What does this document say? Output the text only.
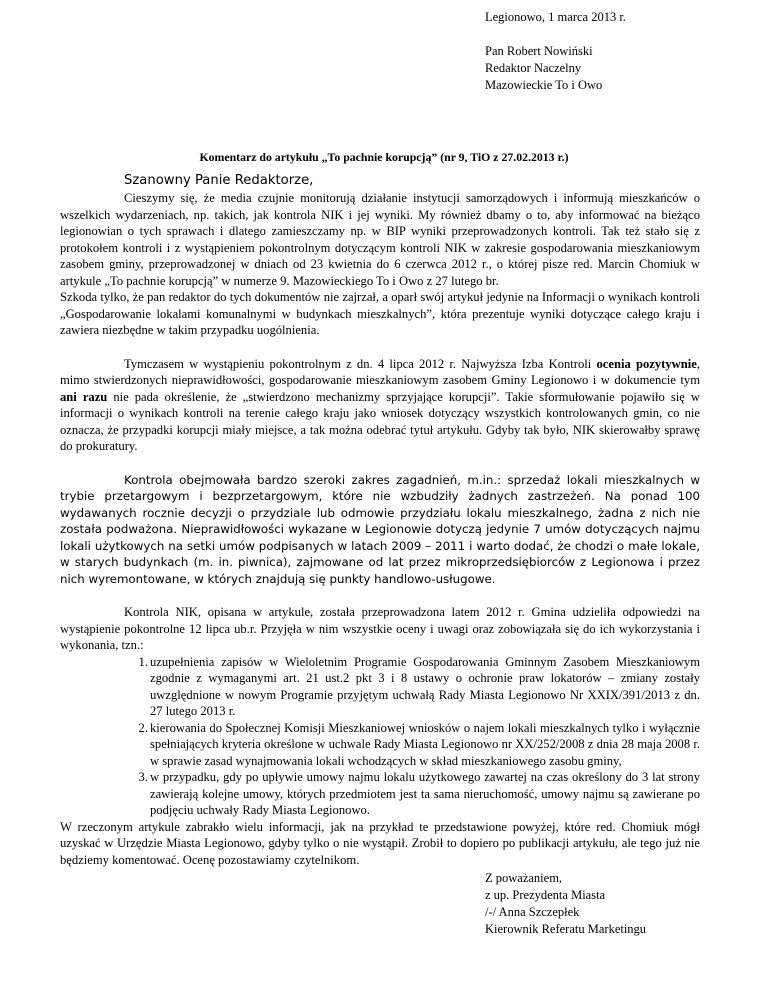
Legionowo, 1 marca 2013 r.
Pan Robert Nowiński
Redaktor Naczelny
Mazowieckie To i Owo
Komentarz do artykułu „To pachnie korupcją” (nr 9, TiO z 27.02.2013 r.)

Szanowny Panie Redaktorze,

Cieszymy się, że media czujnie monitorują działanie instytucji samorządowych i informują mieszkańców o wszelkich wydarzeniach, np. takich, jak kontrola NIK i jej wyniki. My również dbamy o to, aby informować na bieżąco legionowian o tych sprawach i dlatego zamieszczamy np. w BIP wyniki przeprowadzonych kontroli. Tak też stało się z protokołem kontroli i z wystąpieniem pokontrolnym dotyczącym kontroli NIK w zakresie gospodarowania mieszkaniowym zasobem gminy, przeprowadzonej w dniach od 23 kwietnia do 6 czerwca 2012 r., o której pisze red. Marcin Chomiuk w artykule „To pachnie korupcją” w numerze 9. Mazowieckiego To i Owo z 27 lutego br.

Szkoda tylko, że pan redaktor do tych dokumentów nie zajrzał, a oparł swój artykuł jedynie na Informacji o wynikach kontroli „Gospodarowanie lokalami komunalnymi w budynkach mieszkalnych”, która prezentuje wyniki dotyczące całego kraju i zawiera niezbędne w takim przypadku uogólnienia.

Tymczasem w wystąpieniu pokontrolnym z dn. 4 lipca 2012 r. Najwyższa Izba Kontroli ocenia pozytywnie, mimo stwierdzonych nieprawidłowości, gospodarowanie mieszkaniowym zasobem Gminy Legionowo i w dokumencie tym ani razu nie pada określenie, że „stwierdzono mechanizmy sprzyjające korupcji”. Takie sformułowanie pojawiło się w informacji o wynikach kontroli na terenie całego kraju jako wniosek dotyczący wszystkich kontrolowanych gmin, co nie oznacza, że przypadki korupcji miały miejsce, a tak można odebrać tytuł artykułu. Gdyby tak było, NIK skierowałby sprawę do prokuratury.

Kontrola obejmowała bardzo szeroki zakres zagadnień, m.in.: sprzedaż lokali mieszkalnych w trybie przetargowym i bezprzetargowym, które nie wzbudziły żadnych zastrzeżeń. Na ponad 100 wydawanych rocznie decyzji o przydziale lub odmowie przydziału lokalu mieszkalnego, żadna z nich nie została podważona. Nieprawidłowości wykazane w Legionowie dotyczą jedynie 7 umów dotyczących najmu lokali użytkowych na setki umów podpisanych w latach 2009 – 2011 i warto dodać, że chodzi o małe lokale, w starych budynkach (m. in. piwnica), zajmowane od lat przez mikroprzedsiębiorców z Legionowa i przez nich wyremontowane, w których znajdują się punkty handlowo-usługowe.

Kontrola NIK, opisana w artykule, została przeprowadzona latem 2012 r. Gmina udzieliła odpowiedzi na wystąpienie pokontrolne 12 lipca ub.r. Przyjęła w nim wszystkie oceny i uwagi oraz zobowiązała się do ich wykorzystania i wykonania, tzn.:

1. uzupełnienia zapisów w Wieloletnim Programie Gospodarowania Gminnym Zasobem Mieszkaniowym zgodnie z wymaganymi art. 21 ust.2 pkt 3 i 8 ustawy o ochronie praw lokatorów – zmiany zostały uwzględnione w nowym Programie przyjętym uchwałą Rady Miasta Legionowo Nr XXIX/391/2013 z dn. 27 lutego 2013 r.
2. kierowania do Społecznej Komisji Mieszkaniowej wniosków o najem lokali mieszkalnych tylko i wyłącznie spełniających kryteria określone w uchwale Rady Miasta Legionowo nr XX/252/2008 z dnia 28 maja 2008 r. w sprawie zasad wynajmowania lokali wchodzących w skład mieszkaniowego zasobu gminy,
3. w przypadku, gdy po upływie umowy najmu lokalu użytkowego zawartej na czas określony do 3 lat strony zawierają kolejne umowy, których przedmiotem jest ta sama nieruchomość, umowy najmu są zawierane po podjęciu uchwały Rady Miasta Legionowo.

W rzeczonym artykule zabrakło wielu informacji, jak na przykład te przedstawione powyżej, które red. Chomiuk mógł uzyskać w Urzędzie Miasta Legionowo, gdyby tylko o nie wystąpił. Zrobił to dopiero po publikacji artykułu, ale tego już nie będziemy komentować. Ocenę pozostawiamy czytelnikom.

Z poważaniem,
z up. Prezydenta Miasta
/-/ Anna Szczepłek
Kierownik Referatu Marketingu
